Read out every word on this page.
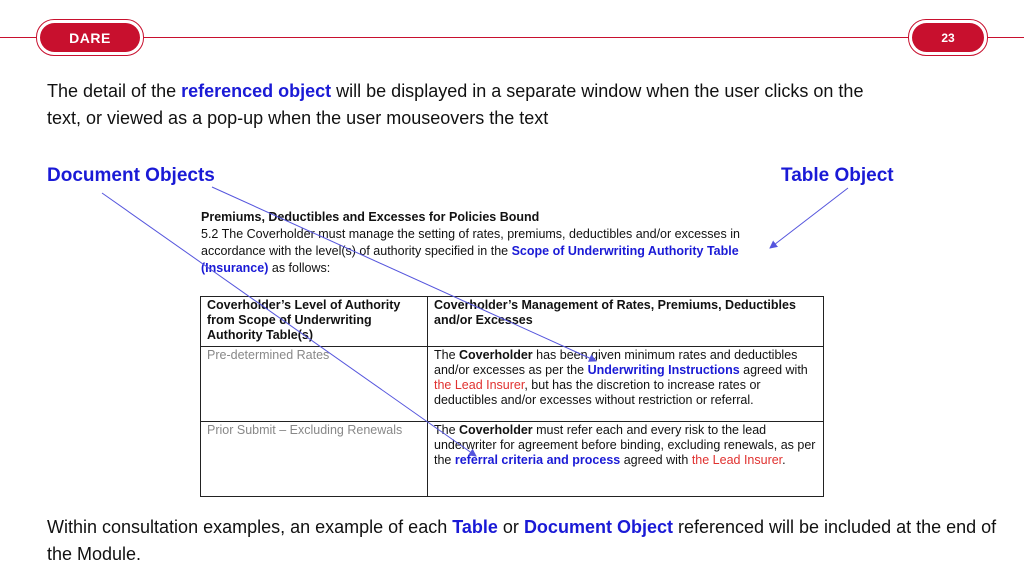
DARE	23
The detail of the referenced object will be displayed in a separate window when the user clicks on the text, or viewed as a pop-up when the user mouseovers the text
Document Objects	Table Object
Premiums, Deductibles and Excesses for Policies Bound
5.2 The Coverholder must manage the setting of rates, premiums, deductibles and/or excesses in accordance with the level(s) of authority specified in the Scope of Underwriting Authority Table (Insurance) as follows:
Coverholder’s Level of Authority from Scope of Underwriting Authority Table(s)	Coverholder’s Management of Rates, Premiums, Deductibles and/or Excesses
Pre-determined Rates	The Coverholder has been given minimum rates and deductibles and/or excesses as per the Underwriting Instructions agreed with the Lead Insurer, but has the discretion to increase rates or deductibles and/or excesses without restriction or referral.
Prior Submit – Excluding Renewals	The Coverholder must refer each and every risk to the lead underwriter for agreement before binding, excluding renewals, as per the referral criteria and process agreed with the Lead Insurer.
Within consultation examples, an example of each Table or Document Object referenced will be included at the end of the Module.
